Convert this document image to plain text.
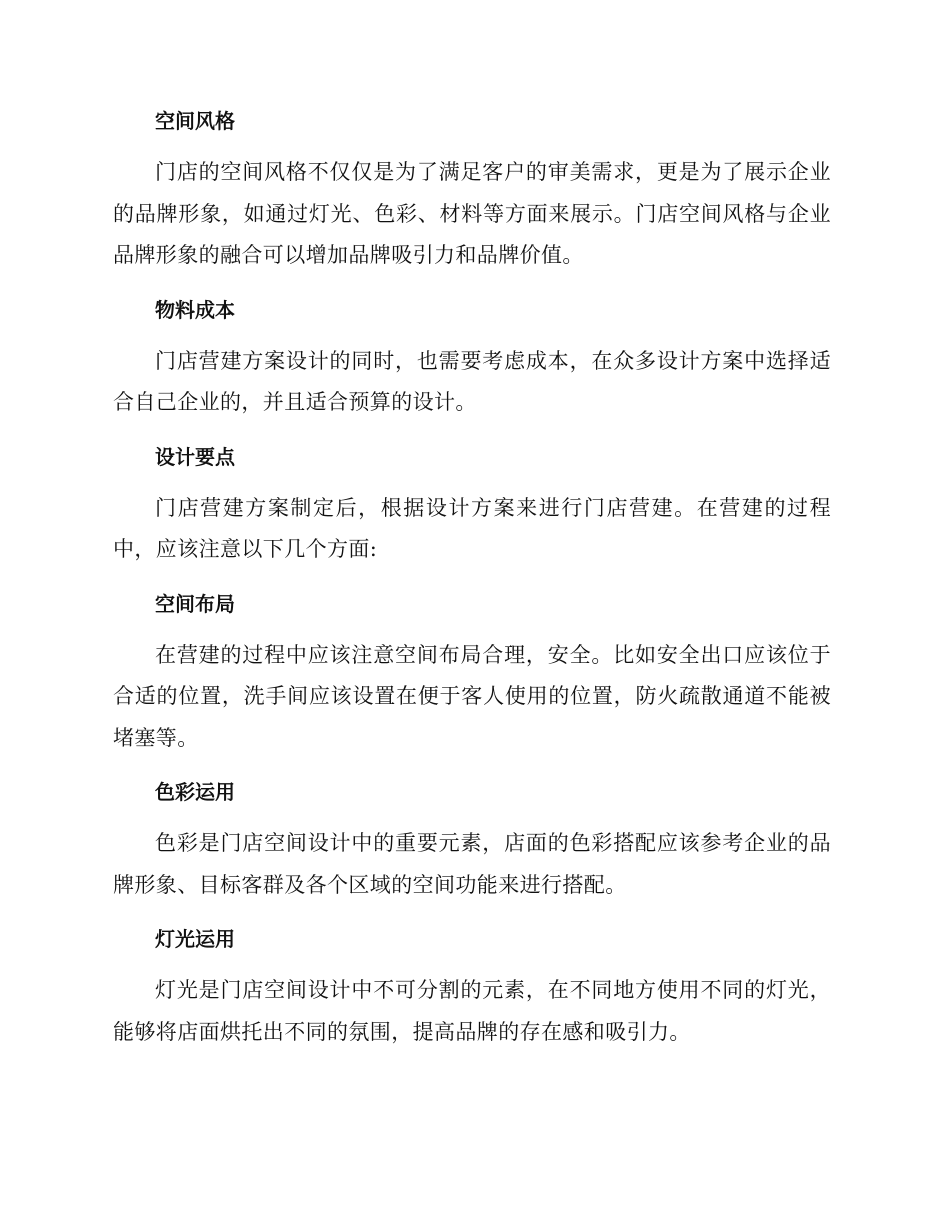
空间风格

门店的空间风格不仅仅是为了满足客户的审美需求，更是为了展示企业的品牌形象，如通过灯光、色彩、材料等方面来展示。门店空间风格与企业品牌形象的融合可以增加品牌吸引力和品牌价值。

物料成本

门店营建方案设计的同时，也需要考虑成本，在众多设计方案中选择适合自己企业的，并且适合预算的设计。

设计要点

门店营建方案制定后，根据设计方案来进行门店营建。在营建的过程中，应该注意以下几个方面:

空间布局

在营建的过程中应该注意空间布局合理，安全。比如安全出口应该位于合适的位置，洗手间应该设置在便于客人使用的位置，防火疏散通道不能被堵塞等。

色彩运用

色彩是门店空间设计中的重要元素，店面的色彩搭配应该参考企业的品牌形象、目标客群及各个区域的空间功能来进行搭配。

灯光运用

灯光是门店空间设计中不可分割的元素，在不同地方使用不同的灯光，能够将店面烘托出不同的氛围，提高品牌的存在感和吸引力。
